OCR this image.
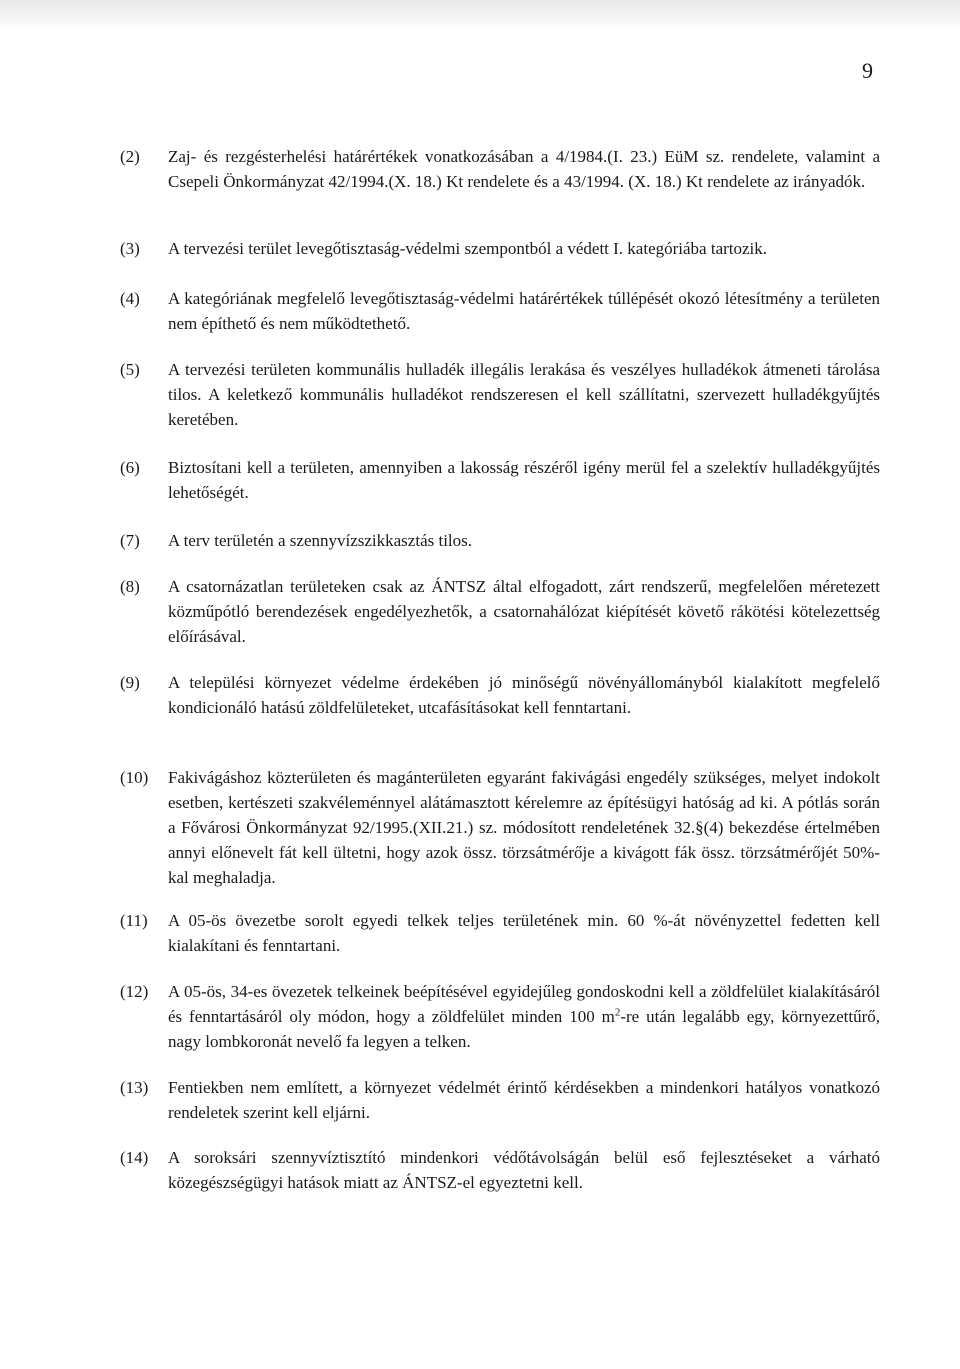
9
(2)	Zaj- és rezgésterhelési határértékek vonatkozásában a 4/1984.(I. 23.) EüM sz. rendelete, valamint a Csepeli Önkormányzat 42/1994.(X. 18.) Kt rendelete és a 43/1994. (X. 18.) Kt rendelete az irányadók.
(3)	A tervezési terület levegőtisztaság-védelmi szempontból a védett I. kategóriába tartozik.
(4)	A kategóriának megfelelő levegőtisztaság-védelmi határértékek túllépését okozó létesítmény a területen nem építhető és nem működtethető.
(5)	A tervezési területen kommunális hulladék illegális lerakása és veszélyes hulladékok átmeneti tárolása tilos. A keletkező kommunális hulladékot rendszeresen el kell szállítatni, szervezett hulladékgyűjtés keretében.
(6)	Biztosítani kell a területen, amennyiben a lakosság részéről igény merül fel a szelektív hulladékgyűjtés lehetőségét.
(7)	A terv területén a szennyvízszikkasztás tilos.
(8)	A csatornázatlan területeken csak az ÁNTSZ által elfogadott, zárt rendszerű, megfelelően méretezett közműpótló berendezések engedélyezhetők, a csatornahálózat kiépítését követő rákötési kötelezettség előírásával.
(9)	A települési környezet védelme érdekében jó minőségű növényállományból kialakított megfelelő kondicionáló hatású zöldfelületeket, utcafásításokat kell fenntartani.
(10)	Fakivágáshoz közterületen és magánterületen egyaránt fakivágási engedély szükséges, melyet indokolt esetben, kertészeti szakvéleménnyel alátámasztott kérelemre az építésügyi hatóság ad ki. A pótlás során a Fővárosi Önkormányzat 92/1995.(XII.21.) sz. módosított rendeletének 32.§(4) bekezdése értelmében annyi előnevelt fát kell ültetni, hogy azok össz. törzsátmérője a kivágott fák össz. törzsátmérőjét 50%-kal meghaladja.
(11)	A 05-ös övezetbe sorolt egyedi telkek teljes területének min. 60 %-át növényzettel fedetten kell kialakítani és fenntartani.
(12)	A 05-ös, 34-es övezetek telkeinek beépítésével egyidejűleg gondoskodni kell a zöldfelület kialakításáról és fenntartásáról oly módon, hogy a zöldfelület minden 100 $m^2-re$ után legalább egy, környezettűrő, nagy lombkoronát nevelő fa legyen a telken.
(13)	Fentiekben nem említett, a környezet védelmét érintő kérdésekben a mindenkori hatályos vonatkozó rendeletek szerint kell eljárni.
(14)	A soroksári szennyvíztisztító mindenkori védőtávolságán belül eső fejlesztéseket a várható közegészségügyi hatások miatt az ÁNTSZ-el egyeztetni kell.
